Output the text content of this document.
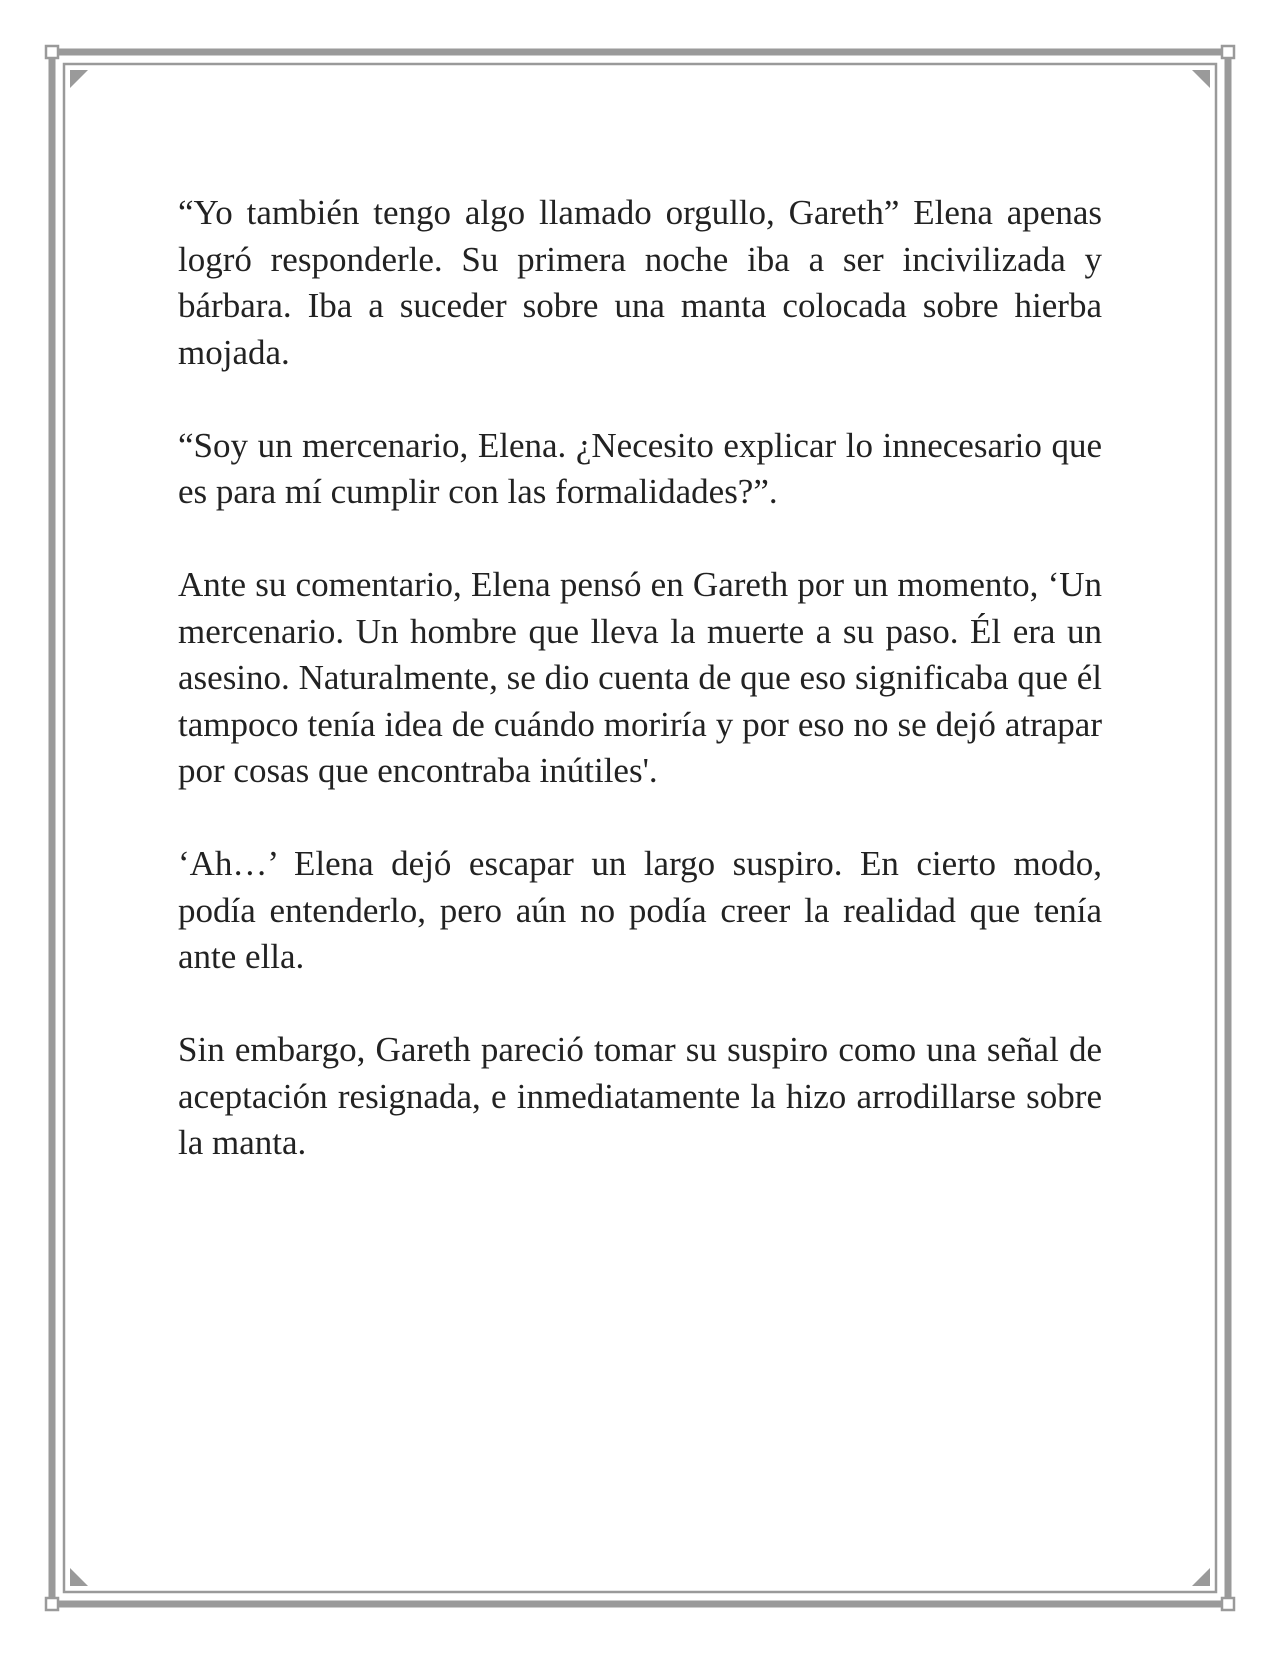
“Yo también tengo algo llamado orgullo, Gareth” Elena apenas logró responderle. Su primera noche iba a ser incivilizada y bárbara. Iba a suceder sobre una manta colocada sobre hierba mojada.

“Soy un mercenario, Elena. ¿Necesito explicar lo innecesario que es para mí cumplir con las formalidades?”.

Ante su comentario, Elena pensó en Gareth por un momento, ‘Un mercenario. Un hombre que lleva la muerte a su paso. Él era un asesino. Naturalmente, se dio cuenta de que eso significaba que él tampoco tenía idea de cuándo moriría y por eso no se dejó atrapar por cosas que encontraba inútiles'.

‘Ah…’ Elena dejó escapar un largo suspiro. En cierto modo, podía entenderlo, pero aún no podía creer la realidad que tenía ante ella.

Sin embargo, Gareth pareció tomar su suspiro como una señal de aceptación resignada, e inmediatamente la hizo arrodillarse sobre la manta.
